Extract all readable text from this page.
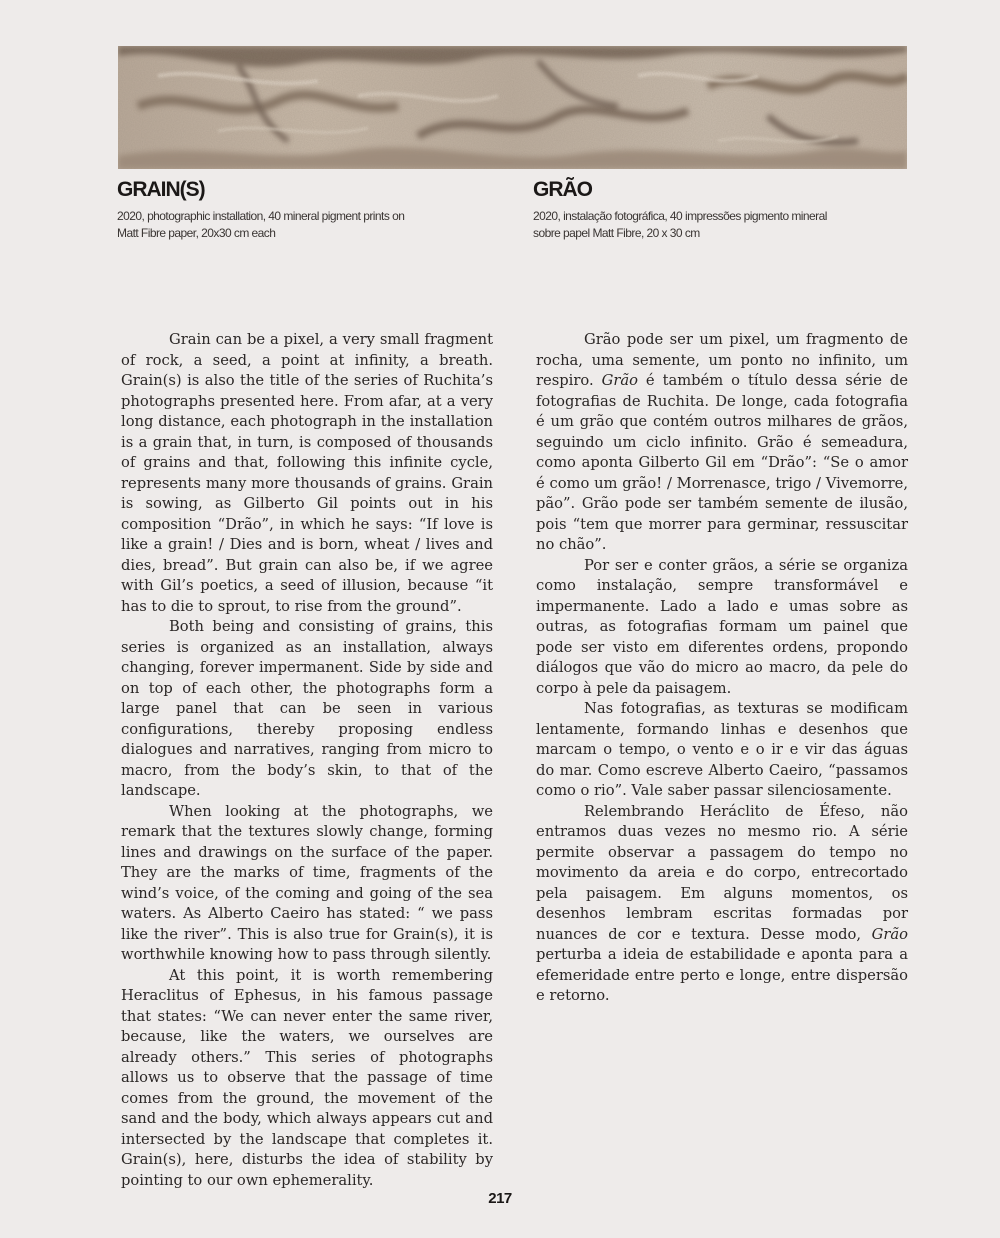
GRAIN(S)

2020, photographic installation, 40 mineral pigment prints on Matt Fibre paper, 20x30 cm each

GRÃO

2020, instalação fotográfica, 40 impressões pigmento mineral sobre papel Matt Fibre, 20 x 30 cm

Grain can be a pixel, a very small fragment of rock, a seed, a point at infinity, a breath. Grain(s) is also the title of the series of Ruchita’s photographs presented here. From afar, at a very long distance, each photograph in the installation is a grain that, in turn, is composed of thousands of grains and that, following this infinite cycle, represents many more thousands of grains. Grain is sowing, as Gilberto Gil points out in his composition “Drão”, in which he says: “If love is like a grain! / Dies and is born, wheat / lives and dies, bread”. But grain can also be, if we agree with Gil’s poetics, a seed of illusion, because “it has to die to sprout, to rise from the ground”.

Both being and consisting of grains, this series is organized as an installation, always changing, forever impermanent. Side by side and on top of each other, the photographs form a large panel that can be seen in various configurations, thereby proposing endless dialogues and narratives, ranging from micro to macro, from the body’s skin, to that of the landscape.

When looking at the photographs, we remark that the textures slowly change, forming lines and drawings on the surface of the paper. They are the marks of time, fragments of the wind’s voice, of the coming and going of the sea waters. As Alberto Caeiro has stated: “ we pass like the river”. This is also true for Grain(s), it is worthwhile knowing how to pass through silently.

At this point, it is worth remembering Heraclitus of Ephesus, in his famous passage that states: “We can never enter the same river, because, like the waters, we ourselves are already others.” This series of photographs allows us to observe that the passage of time comes from the ground, the movement of the sand and the body, which always appears cut and intersected by the landscape that completes it. Grain(s), here, disturbs the idea of stability by pointing to our own ephemerality.

Grão pode ser um pixel, um fragmento de rocha, uma semente, um ponto no infinito, um respiro. Grão é também o título dessa série de fotografias de Ruchita. De longe, cada fotografia é um grão que contém outros milhares de grãos, seguindo um ciclo infinito. Grão é semeadura, como aponta Gilberto Gil em “Drão”: “Se o amor é como um grão! / Morrenasce, trigo / Vivemorre, pão”. Grão pode ser também semente de ilusão, pois “tem que morrer para germinar, ressuscitar no chão”.

Por ser e conter grãos, a série se organiza como instalação, sempre transformável e impermanente. Lado a lado e umas sobre as outras, as fotografias formam um painel que pode ser visto em diferentes ordens, propondo diálogos que vão do micro ao macro, da pele do corpo à pele da paisagem.

Nas fotografias, as texturas se modificam lentamente, formando linhas e desenhos que marcam o tempo, o vento e o ir e vir das águas do mar. Como escreve Alberto Caeiro, “passamos como o rio”. Vale saber passar silenciosamente.

Relembrando Heráclito de Éfeso, não entramos duas vezes no mesmo rio. A série permite observar a passagem do tempo no movimento da areia e do corpo, entrecortado pela paisagem. Em alguns momentos, os desenhos lembram escritas formadas por nuances de cor e textura. Desse modo, Grão perturba a ideia de estabilidade e aponta para a efemeridade entre perto e longe, entre dispersão e retorno.

217
